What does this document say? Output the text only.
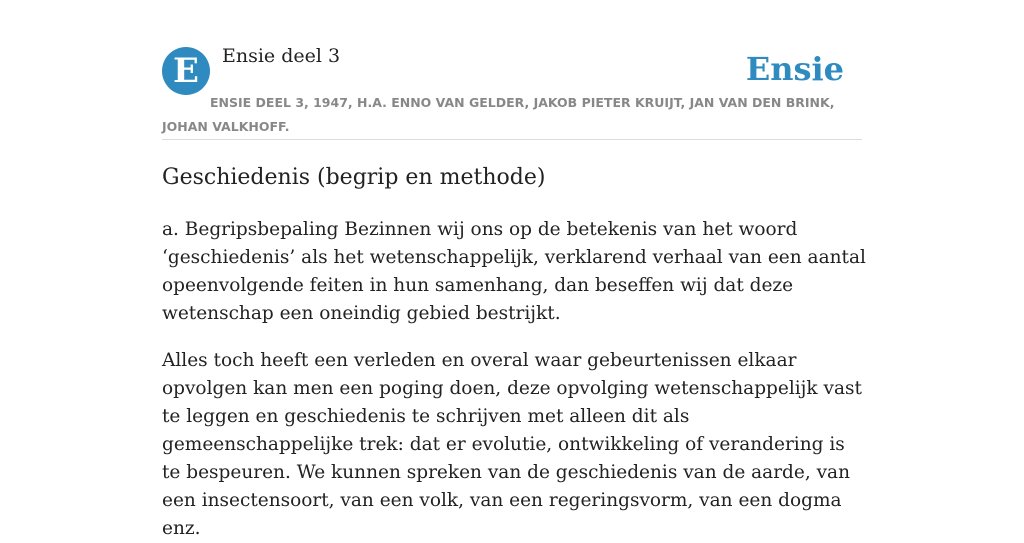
E	Ensie deel 3	Ensie
ENSIE DEEL 3, 1947, H.A. ENNO VAN GELDER, JAKOB PIETER KRUIJT, JAN VAN DEN BRINK, JOHAN VALKHOFF.
Geschiedenis (begrip en methode)

a. Begripsbepaling Bezinnen wij ons op de betekenis van het woord ‘geschiedenis’ als het wetenschappelijk, verklarend verhaal van een aantal opeenvolgende feiten in hun samenhang, dan beseffen wij dat deze wetenschap een oneindig gebied bestrijkt.

Alles toch heeft een verleden en overal waar gebeurtenissen elkaar opvolgen kan men een poging doen, deze opvolging wetenschappelijk vast te leggen en geschiedenis te schrijven met alleen dit als gemeenschappelijke trek: dat er evolutie, ontwikkeling of verandering is te bespeuren. We kunnen spreken van de geschiedenis van de aarde, van een insectensoort, van een volk, van een regeringsvorm, van een dogma enz.
